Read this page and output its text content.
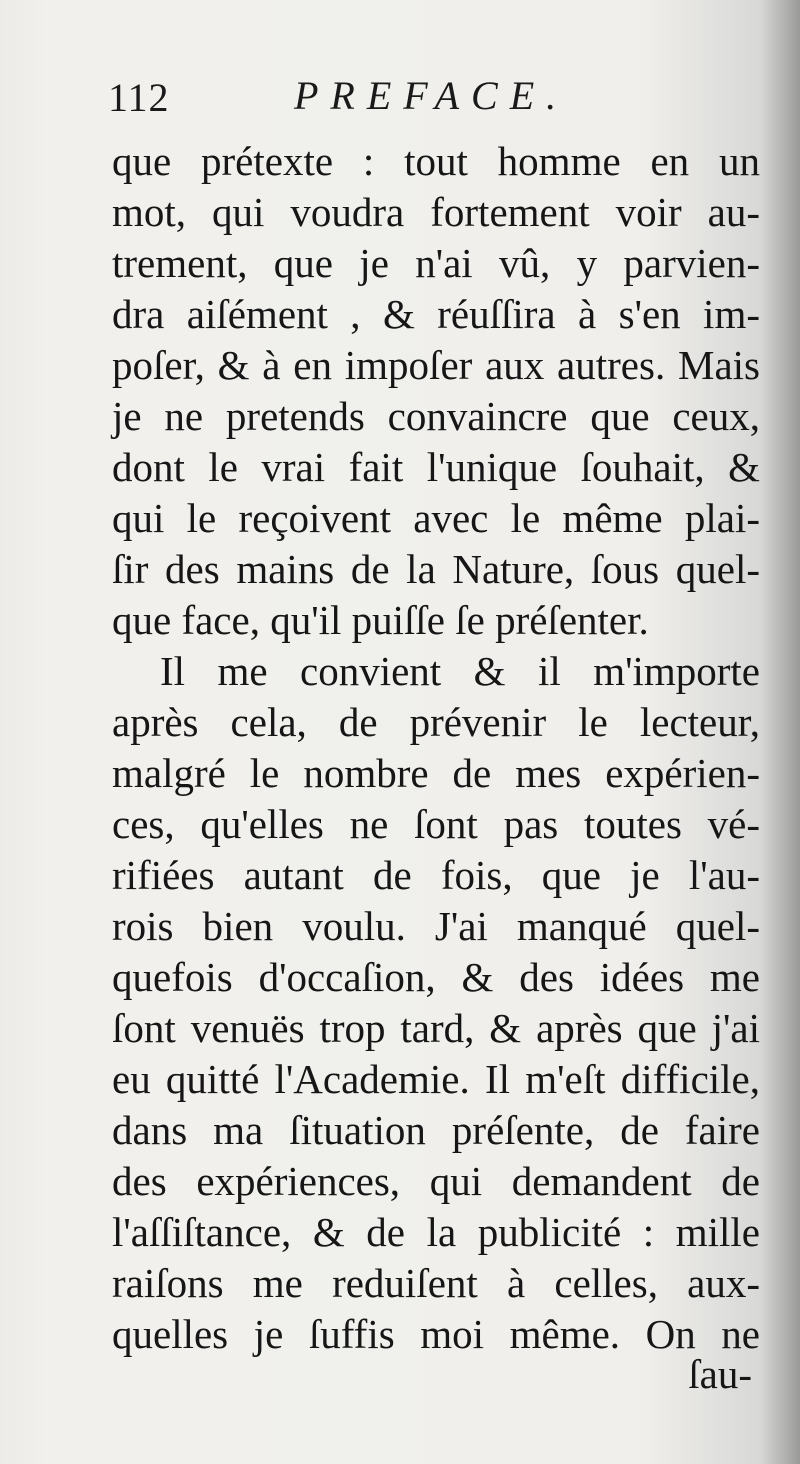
112	PREFACE.
que prétexte : tout homme en un
mot, qui voudra fortement voir au-
trement, que je n'ai vû, y parvien-
dra aiſément , & réuſſira à s'en im-
poſer, & à en impoſer aux autres. Mais
je ne pretends convaincre que ceux,
dont le vrai fait l'unique ſouhait, &
qui le reçoivent avec le même plai-
ſir des mains de la Nature, ſous quel-
que face, qu'il puiſſe ſe préſenter.
Il me convient & il m'importe
après cela, de prévenir le lecteur,
malgré le nombre de mes expérien-
ces, qu'elles ne ſont pas toutes vé-
rifiées autant de fois, que je l'au-
rois bien voulu. J'ai manqué quel-
quefois d'occaſion, & des idées me
ſont venuës trop tard, & après que j'ai
eu quitté l'Academie. Il m'eſt difficile,
dans ma ſituation préſente, de faire
des expériences, qui demandent de
l'aſſiſtance, & de la publicité : mille
raiſons me reduiſent à celles, aux-
quelles je ſuffis moi même. On ne
ſau-
